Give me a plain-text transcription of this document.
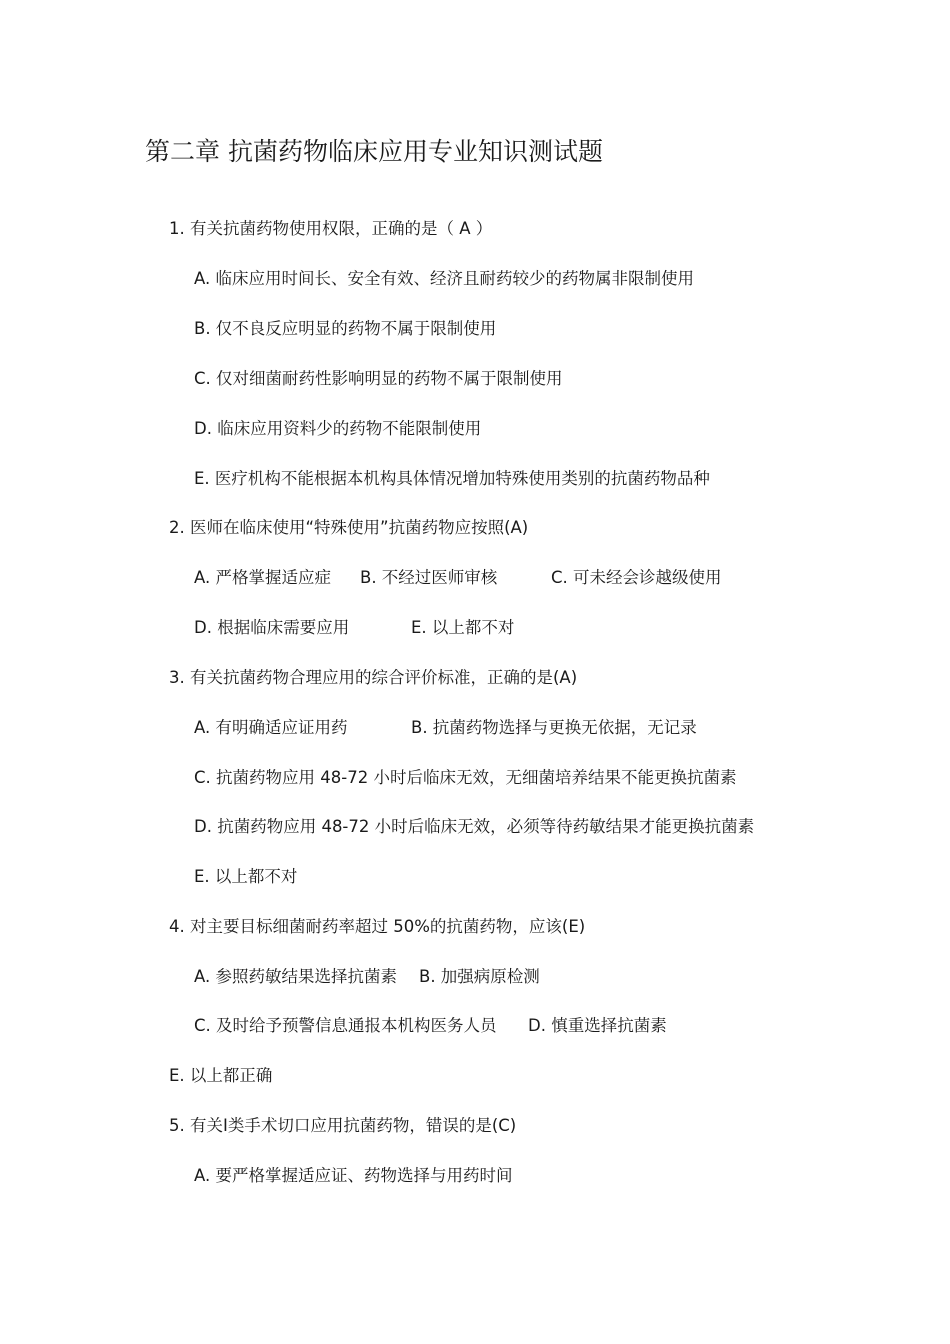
第二章 抗菌药物临床应用专业知识测试题
1. 有关抗菌药物使用权限，正确的是（ A ）
A. 临床应用时间长、安全有效、经济且耐药较少的药物属非限制使用
B. 仅不良反应明显的药物不属于限制使用
C. 仅对细菌耐药性影响明显的药物不属于限制使用
D. 临床应用资料少的药物不能限制使用
E. 医疗机构不能根据本机构具体情况增加特殊使用类别的抗菌药物品种
2. 医师在临床使用“特殊使用”抗菌药物应按照(A)
A. 严格掌握适应症 B. 不经过医师审核	C. 可未经会诊越级使用
D. 根据临床需要应用	E. 以上都不对
3. 有关抗菌药物合理应用的综合评价标准，正确的是(A)
A. 有明确适应证用药	B. 抗菌药物选择与更换无依据，无记录
C. 抗菌药物应用 48-72 小时后临床无效，无细菌培养结果不能更换抗菌素
D. 抗菌药物应用 48-72 小时后临床无效，必须等待药敏结果才能更换抗菌素
E. 以上都不对
4. 对主要目标细菌耐药率超过 50%的抗菌药物，应该(E)
A. 参照药敏结果选择抗菌素 B. 加强病原检测
C. 及时给予预警信息通报本机构医务人员 D. 慎重选择抗菌素
E. 以上都正确
5. 有关Ⅰ类手术切口应用抗菌药物，错误的是(C)
A. 要严格掌握适应证、药物选择与用药时间
